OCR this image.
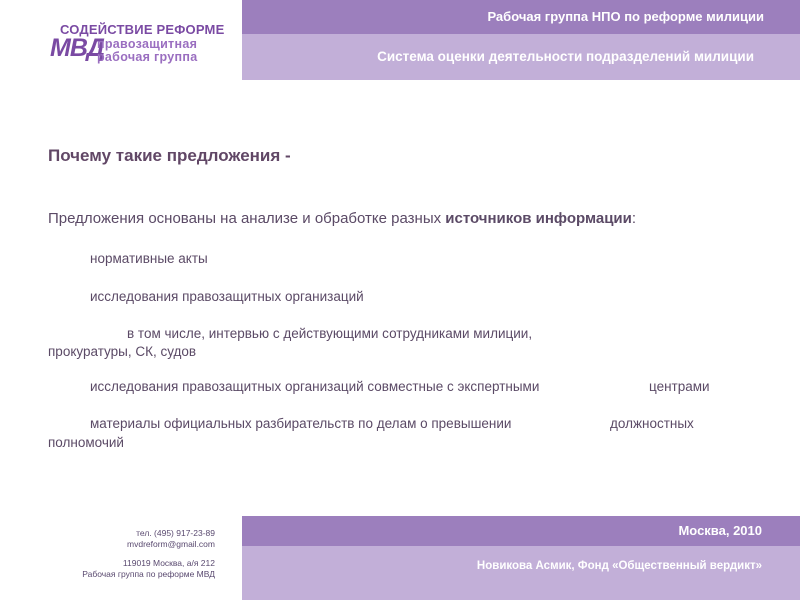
СОДЕЙСТВИЕ РЕФОРМЕ
МВД
правозащитная
рабочая группа
Рабочая группа НПО по реформе милиции
Система оценки деятельности подразделений милиции
Почему такие предложения -
Предложения основаны на анализе и обработке разных источников информации:
нормативные акты
исследования правозащитных организаций
в том числе, интервью с действующими сотрудниками милиции,
прокуратуры, СК, судов
исследования правозащитных организаций совместные с экспертными	центрами
материалы официальных разбирательств по делам о превышении	должностных
полномочий
тел. (495) 917-23-89
mvdreform@gmail.com
119019 Москва, а/я 212
Рабочая группа по реформе МВД
Москва, 2010
Новикова Асмик, Фонд «Общественный вердикт»
